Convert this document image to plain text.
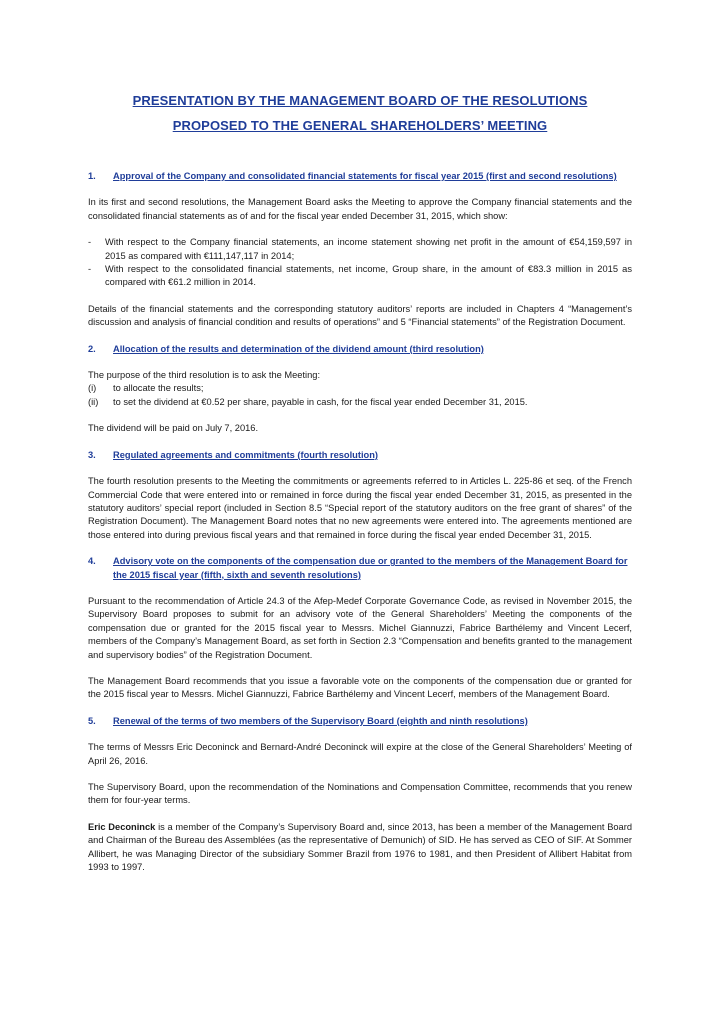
PRESENTATION BY THE MANAGEMENT BOARD OF THE RESOLUTIONS
PROPOSED TO THE GENERAL SHAREHOLDERS’ MEETING
1.	Approval of the Company and consolidated financial statements for fiscal year 2015 (first and second resolutions)

In its first and second resolutions, the Management Board asks the Meeting to approve the Company financial statements and the consolidated financial statements as of and for the fiscal year ended December 31, 2015, which show:

-	With respect to the Company financial statements, an income statement showing net profit in the amount of €54,159,597 in 2015 as compared with €111,147,117 in 2014;
-	With respect to the consolidated financial statements, net income, Group share, in the amount of €83.3 million in 2015 as compared with €61.2 million in 2014.

Details of the financial statements and the corresponding statutory auditors’ reports are included in Chapters 4 “Management’s discussion and analysis of financial condition and results of operations” and 5 “Financial statements” of the Registration Document.

2.	Allocation of the results and determination of the dividend amount (third resolution)

The purpose of the third resolution is to ask the Meeting:

(i)	to allocate the results;
(ii)	to set the dividend at €0.52 per share, payable in cash, for the fiscal year ended December 31, 2015.

The dividend will be paid on July 7, 2016.

3.	Regulated agreements and commitments (fourth resolution)

The fourth resolution presents to the Meeting the commitments or agreements referred to in Articles L. 225-86 et seq. of the French Commercial Code that were entered into or remained in force during the fiscal year ended December 31, 2015, as presented in the statutory auditors’ special report (included in Section 8.5 “Special report of the statutory auditors on the free grant of shares” of the Registration Document). The Management Board notes that no new agreements were entered into. The agreements mentioned are those entered into during previous fiscal years and that remained in force during the fiscal year ended December 31, 2015.

4.	Advisory vote on the components of the compensation due or granted to the members of the Management Board for the 2015 fiscal year (fifth, sixth and seventh resolutions)

Pursuant to the recommendation of Article 24.3 of the Afep-Medef Corporate Governance Code, as revised in November 2015, the Supervisory Board proposes to submit for an advisory vote of the General Shareholders’ Meeting the components of the compensation due or granted for the 2015 fiscal year to Messrs. Michel Giannuzzi, Fabrice Barthélemy and Vincent Lecerf, members of the Company’s Management Board, as set forth in Section 2.3 “Compensation and benefits granted to the management and supervisory bodies” of the Registration Document.

The Management Board recommends that you issue a favorable vote on the components of the compensation due or granted for the 2015 fiscal year to Messrs. Michel Giannuzzi, Fabrice Barthélemy and Vincent Lecerf, members of the Management Board.

5.	Renewal of the terms of two members of the Supervisory Board (eighth and ninth resolutions)

The terms of Messrs Eric Deconinck and Bernard-André Deconinck will expire at the close of the General Shareholders’ Meeting of April 26, 2016.

The Supervisory Board, upon the recommendation of the Nominations and Compensation Committee, recommends that you renew them for four-year terms.

Eric Deconinck is a member of the Company’s Supervisory Board and, since 2013, has been a member of the Management Board and Chairman of the Bureau des Assemblées (as the representative of Demunich) of SID. He has served as CEO of SIF. At Sommer Allibert, he was Managing Director of the subsidiary Sommer Brazil from 1976 to 1981, and then President of Allibert Habitat from 1993 to 1997.
